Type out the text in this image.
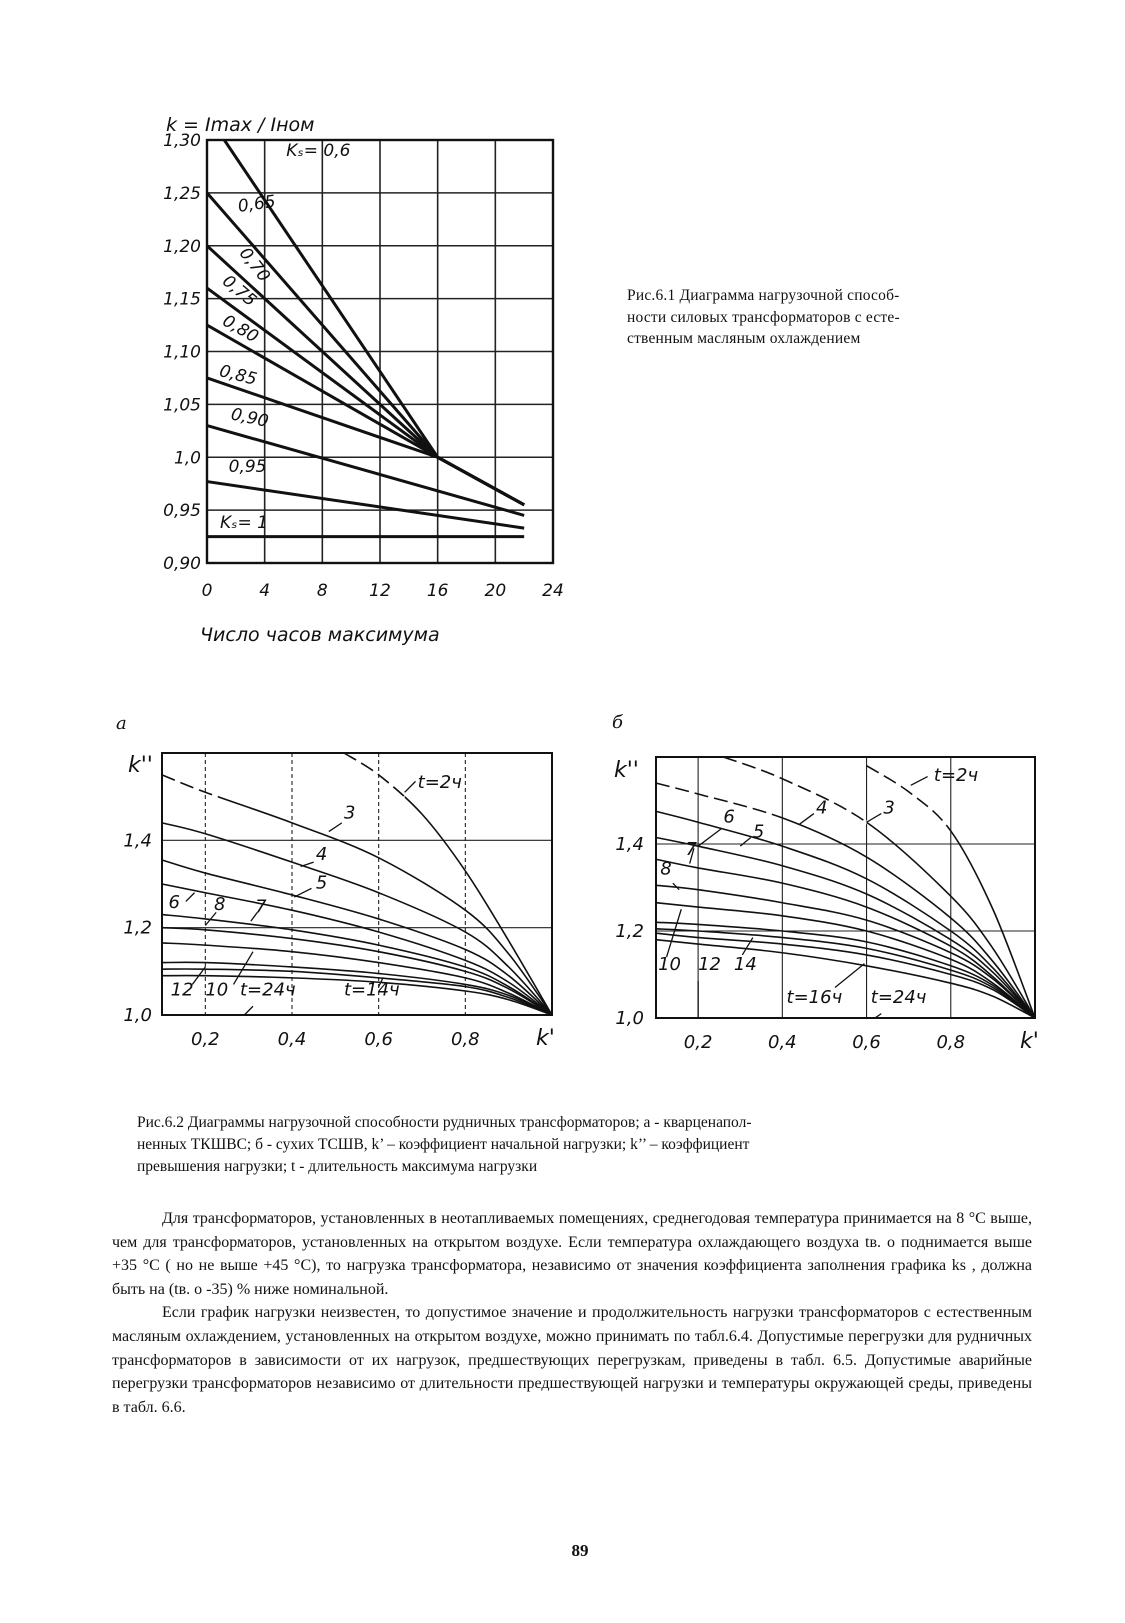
0	4	8 12 16 20 24
0,90
0,95
1,0
1,05
1,10
1,15
1,20
1,25
1,30	Kₛ= 0,6
0,65
0,70
0,75
0,80
0,85
0,90
0,95
Kₛ= 1
k = Imax / Iном
Число часов максимума
Рис.6.1 Диаграмма нагрузочной способ-
ности силовых трансформаторов с есте-
ственным масляным охлаждением
а	б
0,2	0,4	0,6	0,8
1,0
1,2
1,4
t=2ч
3
4
5
6 8 7
12 10 t=24ч	t=14ч
k''
k'	0,2	0,4	0,6	0,8
1,0
1,2
1,4
t=2ч
3
4
5
6
7
8
10 12 14
t=16ч t=24ч
k''
k'
Рис.6.2 Диаграммы нагрузочной способности рудничных трансформаторов; а - кварценапол-
ненных ТКШВС; б - сухих ТСШВ, k’ – коэффициент начальной нагрузки; k’’ – коэффициент
превышения нагрузки; t - длительность максимума нагрузки

Для трансформаторов, установленных в неотапливаемых помещениях, среднегодовая температура принимается на 8 °С выше, чем для трансформаторов, установленных на открытом воздухе. Если температура охлаждающего воздуха tв. о поднимается выше +35 °С ( но не выше +45 °С), то нагрузка трансформатора, независимо от значения коэффициента заполнения графика ks , должна быть на (tв. о -35) % ниже номинальной.

Если график нагрузки неизвестен, то допустимое значение и продолжительность нагрузки трансформаторов с естественным масляным охлаждением, установленных на открытом воздухе, можно принимать по табл.6.4. Допустимые перегрузки для рудничных трансформаторов в зависимости от их нагрузок, предшествующих перегрузкам, приведены в табл. 6.5. Допустимые аварийные перегрузки трансформаторов независимо от длительности предшествующей нагрузки и температуры окружающей среды, приведены в табл. 6.6.

89
